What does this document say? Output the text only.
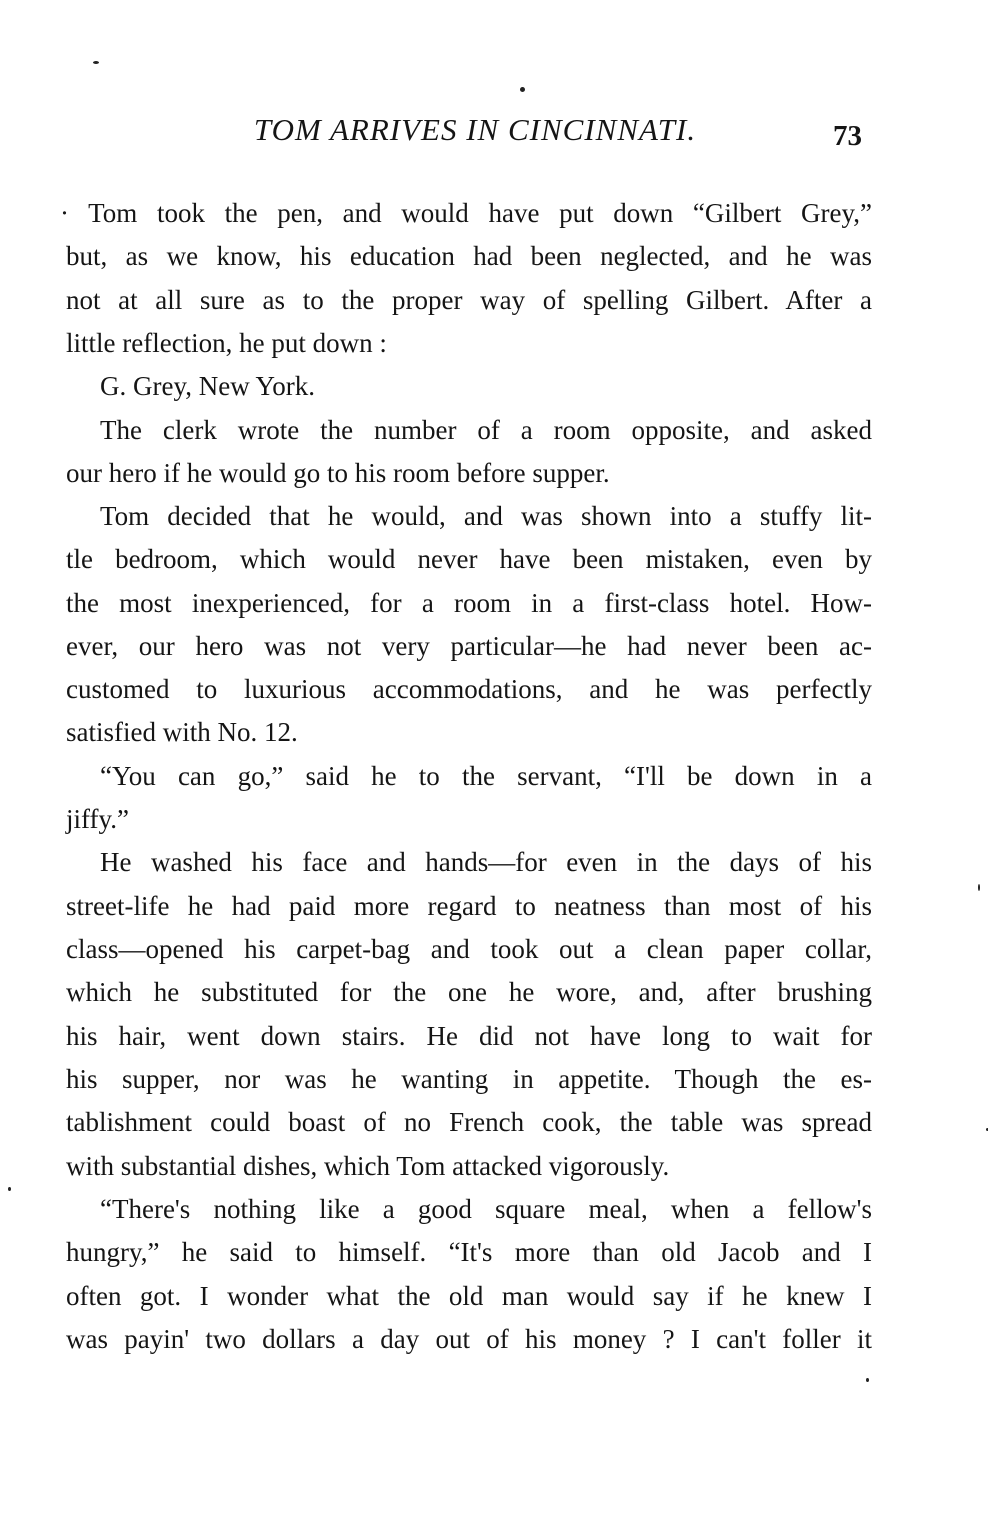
TOM ARRIVES IN CINCINNATI.	73
· Tom took the pen, and would have put down “Gilbert Grey,”
but, as we know, his education had been neglected, and he was
not at all sure as to the proper way of spelling Gilbert. After a
little reflection, he put down :
G. Grey, New York.
The clerk wrote the number of a room opposite, and asked
our hero if he would go to his room before supper.
Tom decided that he would, and was shown into a stuffy lit-
tle bedroom, which would never have been mistaken, even by
the most inexperienced, for a room in a first-class hotel. How-
ever, our hero was not very particular—he had never been ac-
customed to luxurious accommodations, and he was perfectly
satisfied with No. 12.
“You can go,” said he to the servant, “I'll be down in a
jiffy.”
He washed his face and hands—for even in the days of his
street-life he had paid more regard to neatness than most of his
class—opened his carpet-bag and took out a clean paper collar,
which he substituted for the one he wore, and, after brushing
his hair, went down stairs. He did not have long to wait for
his supper, nor was he wanting in appetite. Though the es-
tablishment could boast of no French cook, the table was spread
with substantial dishes, which Tom attacked vigorously.
“There's nothing like a good square meal, when a fellow's
hungry,” he said to himself. “It's more than old Jacob and I
often got. I wonder what the old man would say if he knew I
was payin' two dollars a day out of his money ? I can't foller it
